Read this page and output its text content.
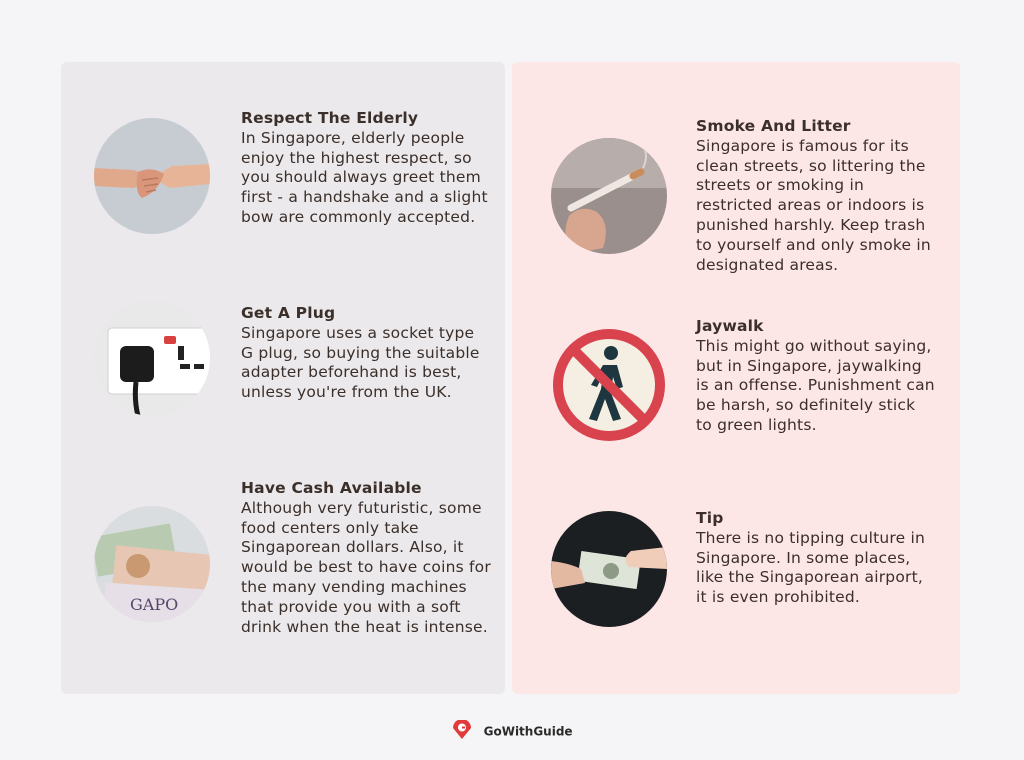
Respect The Elderly
In Singapore, elderly people enjoy the highest respect, so you should always greet them first - a handshake and a slight bow are commonly accepted.
Get A Plug
Singapore uses a socket type G plug, so buying the suitable adapter beforehand is best, unless you're from the UK.
GAPO
Have Cash Available
Although very futuristic, some food centers only take Singaporean dollars. Also, it would be best to have coins for the many vending machines that provide you with a soft drink when the heat is intense.
Smoke And Litter
Singapore is famous for its clean streets, so littering the streets or smoking in restricted areas or indoors is punished harshly. Keep trash to yourself and only smoke in designated areas.
Jaywalk
This might go without saying, but in Singapore, jaywalking is an offense. Punishment can be harsh, so definitely stick to green lights.
Tip
There is no tipping culture in Singapore. In some places, like the Singaporean airport, it is even prohibited.
GoWithGuide
